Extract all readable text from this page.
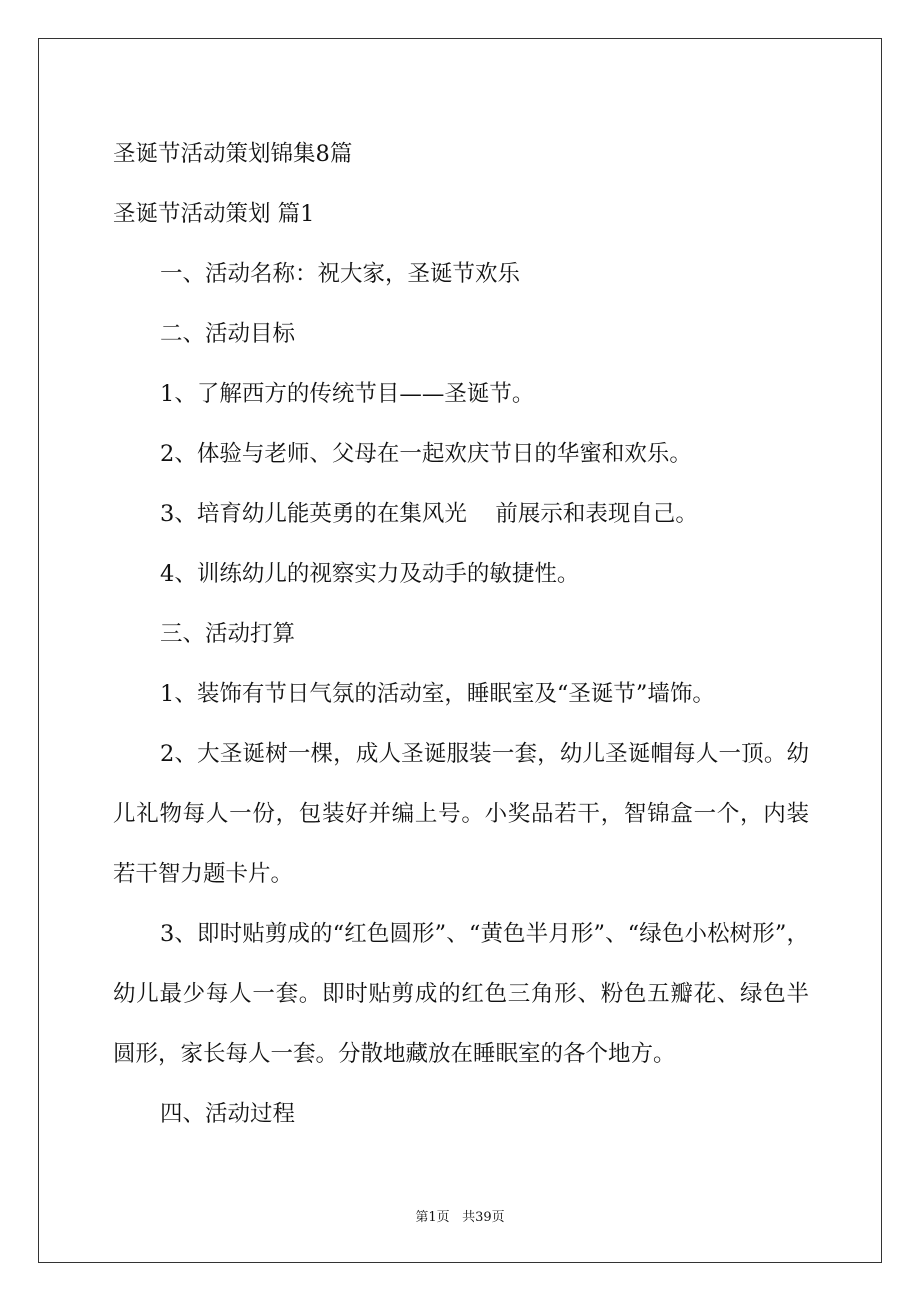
圣诞节活动策划锦集8篇

圣诞节活动策划 篇1

一、活动名称：祝大家，圣诞节欢乐

二、活动目标

1、了解西方的传统节目——圣诞节。

2、体验与老师、父母在一起欢庆节日的华蜜和欢乐。

3、培育幼儿能英勇的在集风光    前展示和表现自己。

4、训练幼儿的视察实力及动手的敏捷性。

三、活动打算

1、装饰有节日气氛的活动室，睡眠室及“圣诞节”墙饰。

2、大圣诞树一棵，成人圣诞服装一套，幼儿圣诞帽每人一顶。幼儿礼物每人一份，包装好并编上号。小奖品若干，智锦盒一个，内装若干智力题卡片。

3、即时贴剪成的“红色圆形”、“黄色半月形”、“绿色小松树形”，幼儿最少每人一套。即时贴剪成的红色三角形、粉色五瓣花、绿色半圆形，家长每人一套。分散地藏放在睡眠室的各个地方。

四、活动过程

第1页 共39页
